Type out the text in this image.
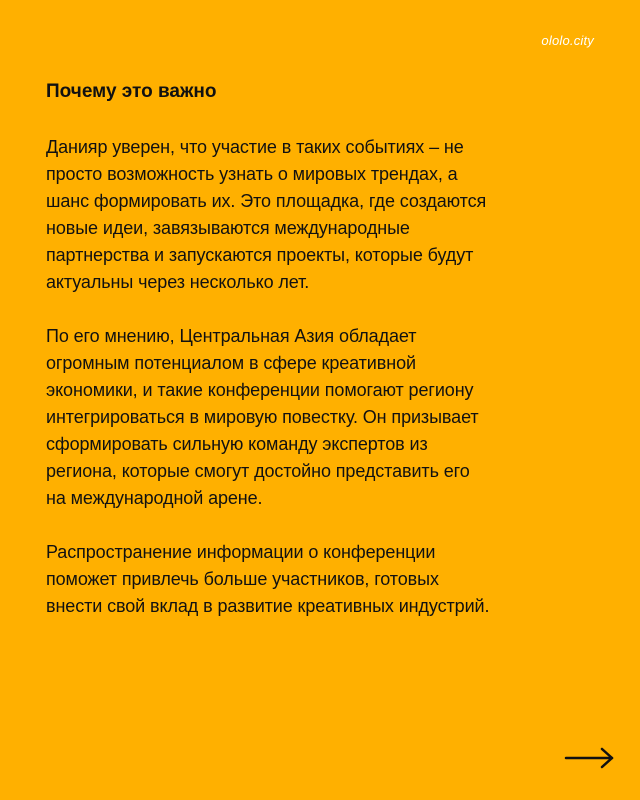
ololo.city
Почему это важно

Данияр уверен, что участие в таких событиях – не
просто возможность узнать о мировых трендах, а
шанс формировать их. Это площадка, где создаются
новые идеи, завязываются международные
партнерства и запускаются проекты, которые будут
актуальны через несколько лет.

По его мнению, Центральная Азия обладает
огромным потенциалом в сфере креативной
экономики, и такие конференции помогают региону
интегрироваться в мировую повестку. Он призывает
сформировать сильную команду экспертов из
региона, которые смогут достойно представить его
на международной арене.

Распространение информации о конференции
поможет привлечь больше участников, готовых
внести свой вклад в развитие креативных индустрий.
